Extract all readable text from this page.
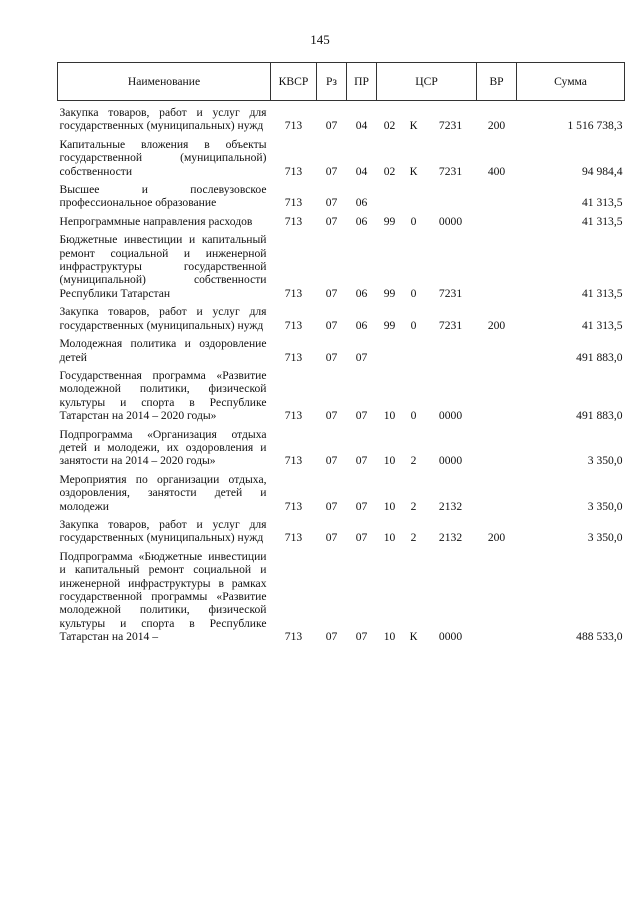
145
Наименование	КВСР	Рз	ПР	ЦСР			ВР	Сумма
Закупка товаров, работ и услуг для государственных (муниципальных) нужд	713	07	04	02	К	7231	200	1 516 738,3
Капитальные вложения в объекты государственной (муниципальной) собственности	713	07	04	02	К	7231	400	94 984,4
Высшее и послевузовское профессиональное образование	713	07	06					41 313,5
Непрограммные направления расходов	713	07	06	99	0	0000		41 313,5
Бюджетные инвестиции и капитальный ремонт социальной и инженерной инфраструктуры государственной (муниципальной) собственности Республики Татарстан	713	07	06	99	0	7231		41 313,5
Закупка товаров, работ и услуг для государственных (муниципальных) нужд	713	07	06	99	0	7231	200	41 313,5
Молодежная политика и оздоровление детей	713	07	07					491 883,0
Государственная программа «Развитие молодежной политики, физической культуры и спорта в Республике Татарстан на 2014 – 2020 годы»	713	07	07	10	0	0000		491 883,0
Подпрограмма «Организация отдыха детей и молодежи, их оздоровления и занятости на 2014 – 2020 годы»	713	07	07	10	2	0000		3 350,0
Мероприятия по организации отдыха, оздоровления, занятости детей и молодежи	713	07	07	10	2	2132		3 350,0
Закупка товаров, работ и услуг для государственных (муниципальных) нужд	713	07	07	10	2	2132	200	3 350,0
Подпрограмма «Бюджетные инвестиции и капитальный ремонт социальной и инженерной инфраструктуры в рамках государственной программы «Развитие молодежной политики, физической культуры и спорта в Республике Татарстан на 2014 –	713	07	07	10	К	0000		488 533,0
